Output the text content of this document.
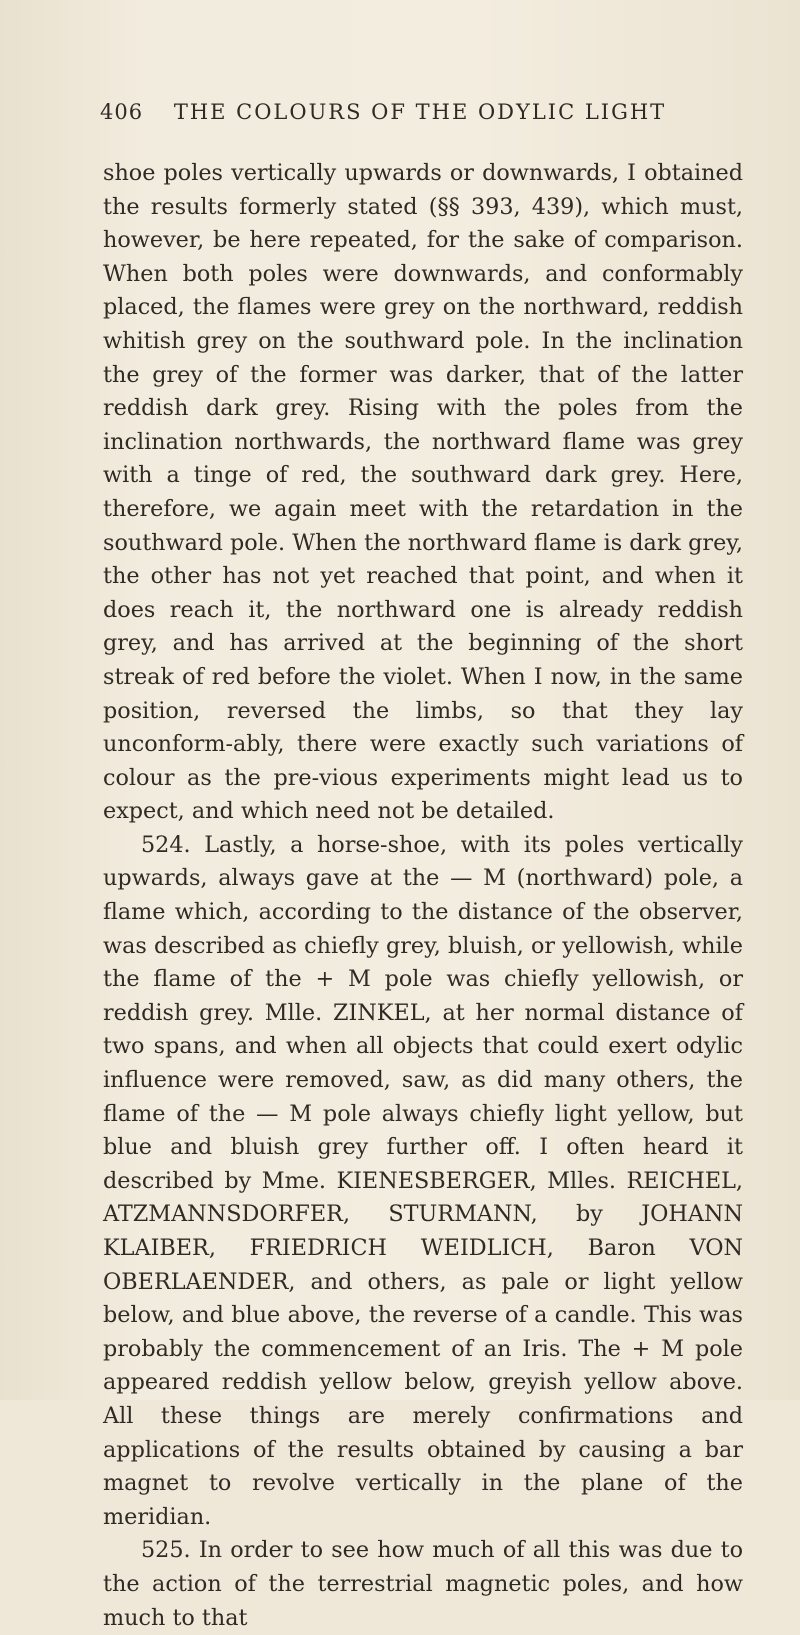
406	THE COLOURS OF THE ODYLIC LIGHT

shoe poles vertically upwards or downwards, I obtained the results formerly stated (§§ 393, 439), which must, however, be here repeated, for the sake of comparison. When both poles were downwards, and conformably placed, the flames were grey on the northward, reddish whitish grey on the southward pole. In the inclination the grey of the former was darker, that of the latter reddish dark grey. Rising with the poles from the inclination northwards, the northward flame was grey with a tinge of red, the southward dark grey. Here, therefore, we again meet with the retardation in the southward pole. When the northward flame is dark grey, the other has not yet reached that point, and when it does reach it, the northward one is already reddish grey, and has arrived at the beginning of the short streak of red before the violet. When I now, in the same position, reversed the limbs, so that they lay unconform-ably, there were exactly such variations of colour as the pre-vious experiments might lead us to expect, and which need not be detailed.

524. Lastly, a horse-shoe, with its poles vertically upwards, always gave at the — M (northward) pole, a flame which, according to the distance of the observer, was described as chiefly grey, bluish, or yellowish, while the flame of the + M pole was chiefly yellowish, or reddish grey. Mlle. ZINKEL, at her normal distance of two spans, and when all objects that could exert odylic influence were removed, saw, as did many others, the flame of the — M pole always chiefly light yellow, but blue and bluish grey further off. I often heard it described by Mme. KIENESBERGER, Mlles. REICHEL, ATZMANNSDORFER, STURMANN, by JOHANN KLAIBER, FRIEDRICH WEIDLICH, Baron VON OBERLAENDER, and others, as pale or light yellow below, and blue above, the reverse of a candle. This was probably the commencement of an Iris. The + M pole appeared reddish yellow below, greyish yellow above. All these things are merely confirmations and applications of the results obtained by causing a bar magnet to revolve vertically in the plane of the meridian.

525. In order to see how much of all this was due to the action of the terrestrial magnetic poles, and how much to that
